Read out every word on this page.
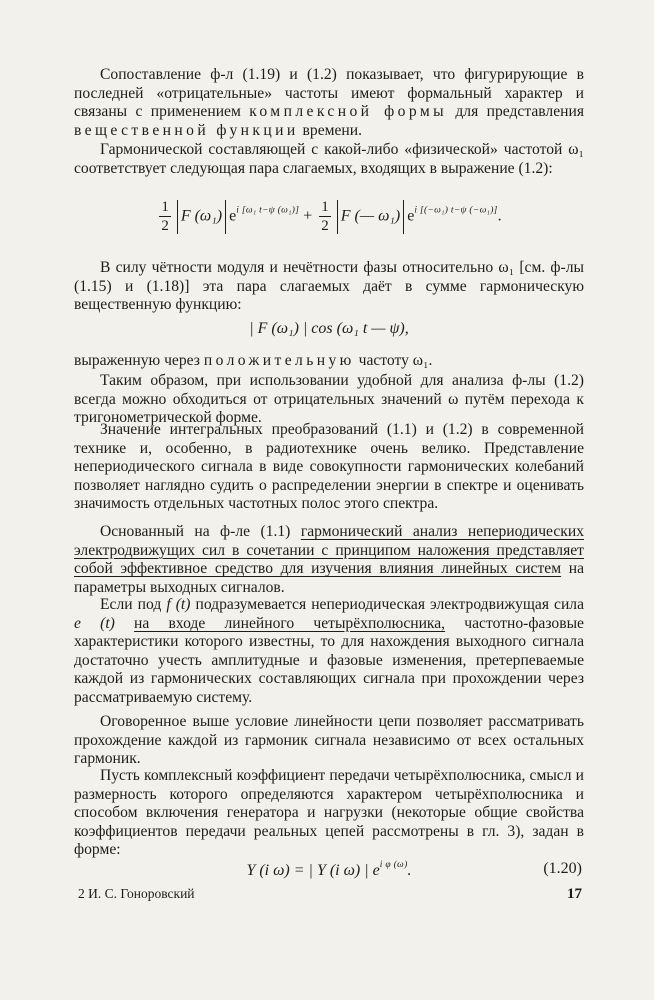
Сопоставление ф-л (1.19) и (1.2) показывает, что фигурирующие в последней «отрицательные» частоты имеют формальный характер и связаны с применением комплексной формы для представления вещественной функции времени.

Гармонической составляющей с какой-либо «физической» частотой ω₁ соответствует следующая пара слагаемых, входящих в выражение (1.2):

$\frac{1}{2}$ F (ω₁) $e^{i [\omega_1 t-\psi (\omega_1)]} + \frac{1}{2}$ F (— ω₁) $e^{i [(-\omega_1) t-\psi (-\omega_1)]}$.

В силу чётности модуля и нечётности фазы относительно ω₁ [см. ф-лы (1.15) и (1.18)] эта пара слагаемых даёт в сумме гармоническую вещественную функцию:

| F (ω₁) | cos (ω₁ t — ψ),

выраженную через положительную частоту ω₁.

Таким образом, при использовании удобной для анализа ф-лы (1.2) всегда можно обходиться от отрицательных значений ω путём перехода к тригонометрической форме.

Значение интегральных преобразований (1.1) и (1.2) в современной технике и, особенно, в радиотехнике очень велико. Представление непериодического сигнала в виде совокупности гармонических колебаний позволяет наглядно судить о распределении энергии в спектре и оценивать значимость отдельных частотных полос этого спектра.

Основанный на ф-ле (1.1) гармонический анализ непериодических электродвижущих сил в сочетании с принципом наложения представляет собой эффективное средство для изучения влияния линейных систем на параметры выходных сигналов.

Если под f (t) подразумевается непериодическая электродвижущая сила e (t) на входе линейного четырёхполюсника, частотно-фазовые характеристики которого известны, то для нахождения выходного сигнала достаточно учесть амплитудные и фазовые изменения, претерпеваемые каждой из гармонических составляющих сигнала при прохождении через рассматриваемую систему.

Оговоренное выше условие линейности цепи позволяет рассматривать прохождение каждой из гармоник сигнала независимо от всех остальных гармоник.

Пусть комплексный коэффициент передачи четырёхполюсника, смысл и размерность которого определяются характером четырёхполюсника и способом включения генератора и нагрузки (некоторые общие свойства коэффициентов передачи реальных цепей рассмотрены в гл. 3), задан в форме:

Y (i ω) = | Y (i ω) | $e^{i \varphi (\omega)}$.	(1.20)
2 И. С. Гоноровский	17
